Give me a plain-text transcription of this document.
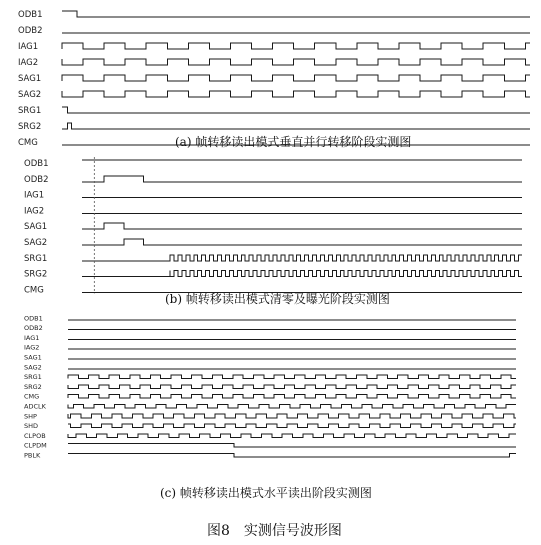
ODB1
ODB2
IAG1
IAG2
SAG1
SAG2
SRG1
SRG2
CMG	(a) 帧转移读出模式垂直并行转移阶段实测图
ODB1
ODB2
IAG1
IAG2
SAG1
SAG2
SRG1
SRG2
CMG
(b) 帧转移读出模式清零及曝光阶段实测图
ODB1
ODB2
IAG1
IAG2
SAG1
SAG2
SRG1
SRG2
CMG
ADCLK
SHP
SHD
CLPOB
CLPDM
PBLK
(c) 帧转移读出模式水平读出阶段实测图
图8　实测信号波形图
